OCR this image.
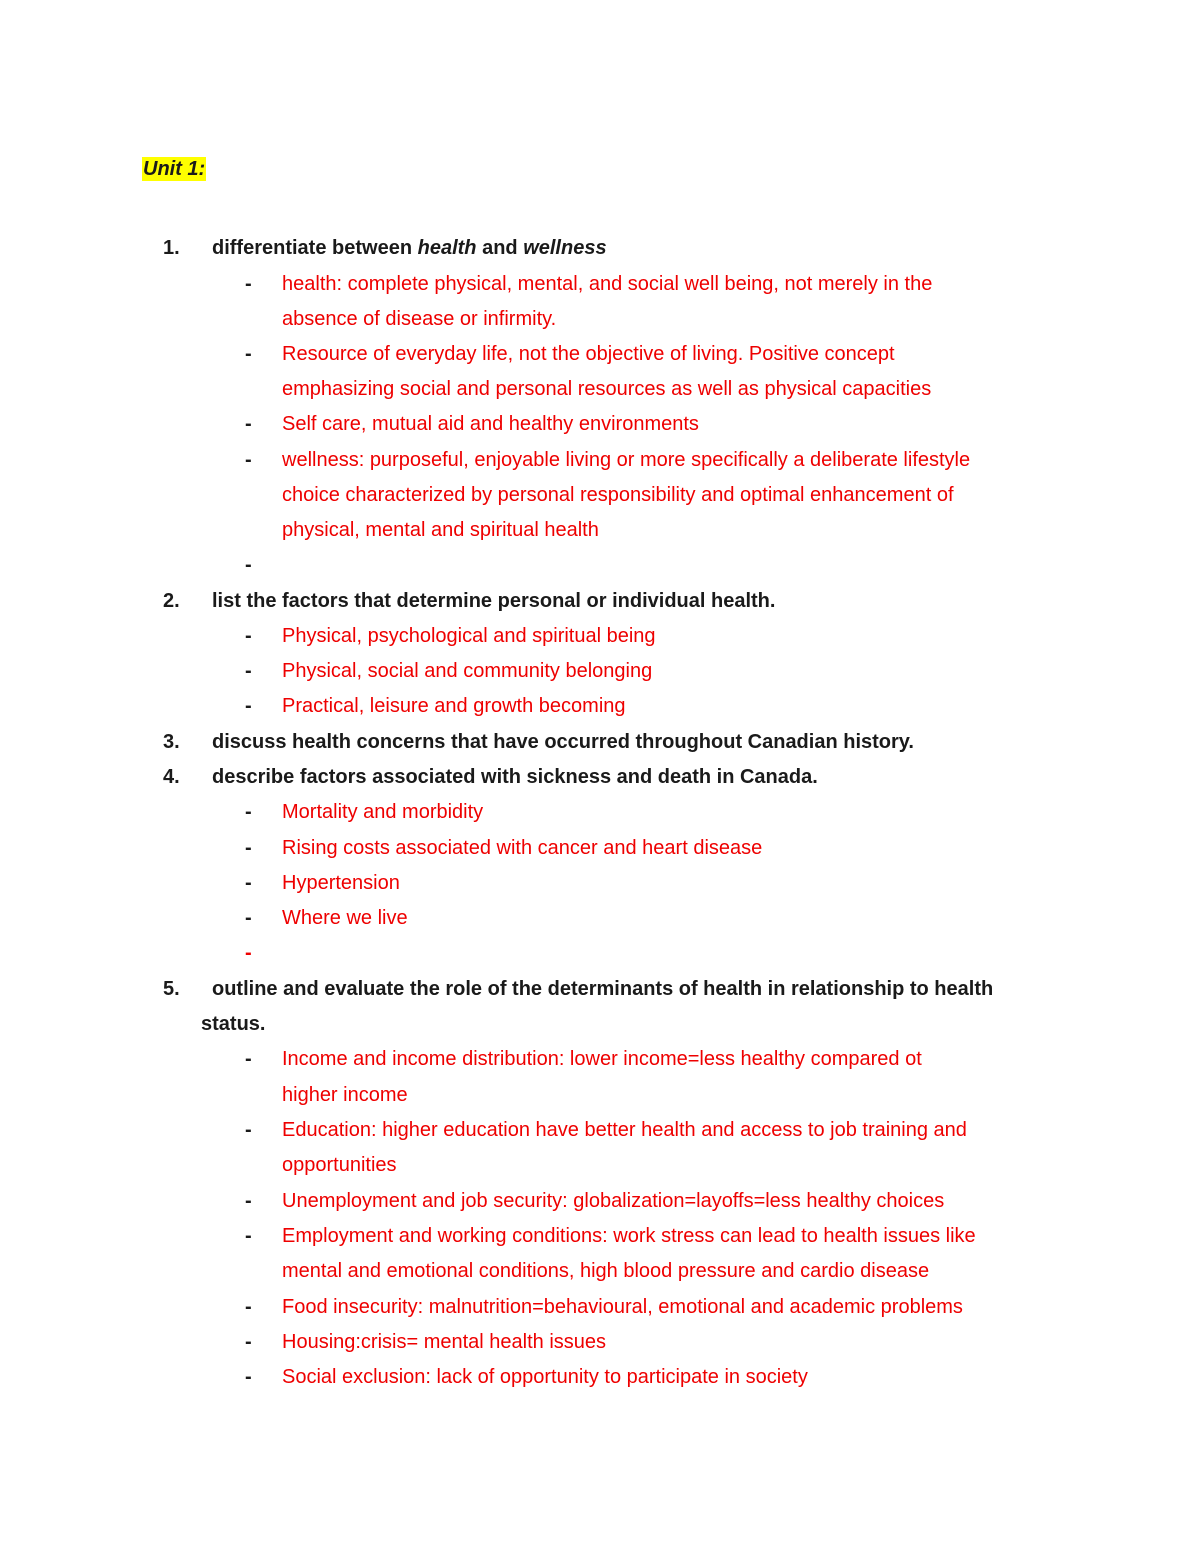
Unit 1:
1. differentiate between health and wellness
- health: complete physical, mental, and social well being, not merely in the
absence of disease or infirmity.
- Resource of everyday life, not the objective of living. Positive concept
emphasizing social and personal resources as well as physical capacities
- Self care, mutual aid and healthy environments
- wellness: purposeful, enjoyable living or more specifically a deliberate lifestyle
choice characterized by personal responsibility and optimal enhancement of
physical, mental and spiritual health
-
2. list the factors that determine personal or individual health.
- Physical, psychological and spiritual being
- Physical, social and community belonging
- Practical, leisure and growth becoming
3. discuss health concerns that have occurred throughout Canadian history.
4. describe factors associated with sickness and death in Canada.
- Mortality and morbidity
- Rising costs associated with cancer and heart disease
- Hypertension
- Where we live
-
5. outline and evaluate the role of the determinants of health in relationship to health
status.
- Income and income distribution: lower income=less healthy compared ot
higher income
- Education: higher education have better health and access to job training and
opportunities
- Unemployment and job security: globalization=layoffs=less healthy choices
- Employment and working conditions: work stress can lead to health issues like
mental and emotional conditions, high blood pressure and cardio disease
- Food insecurity: malnutrition=behavioural, emotional and academic problems
- Housing:crisis= mental health issues
- Social exclusion: lack of opportunity to participate in society
